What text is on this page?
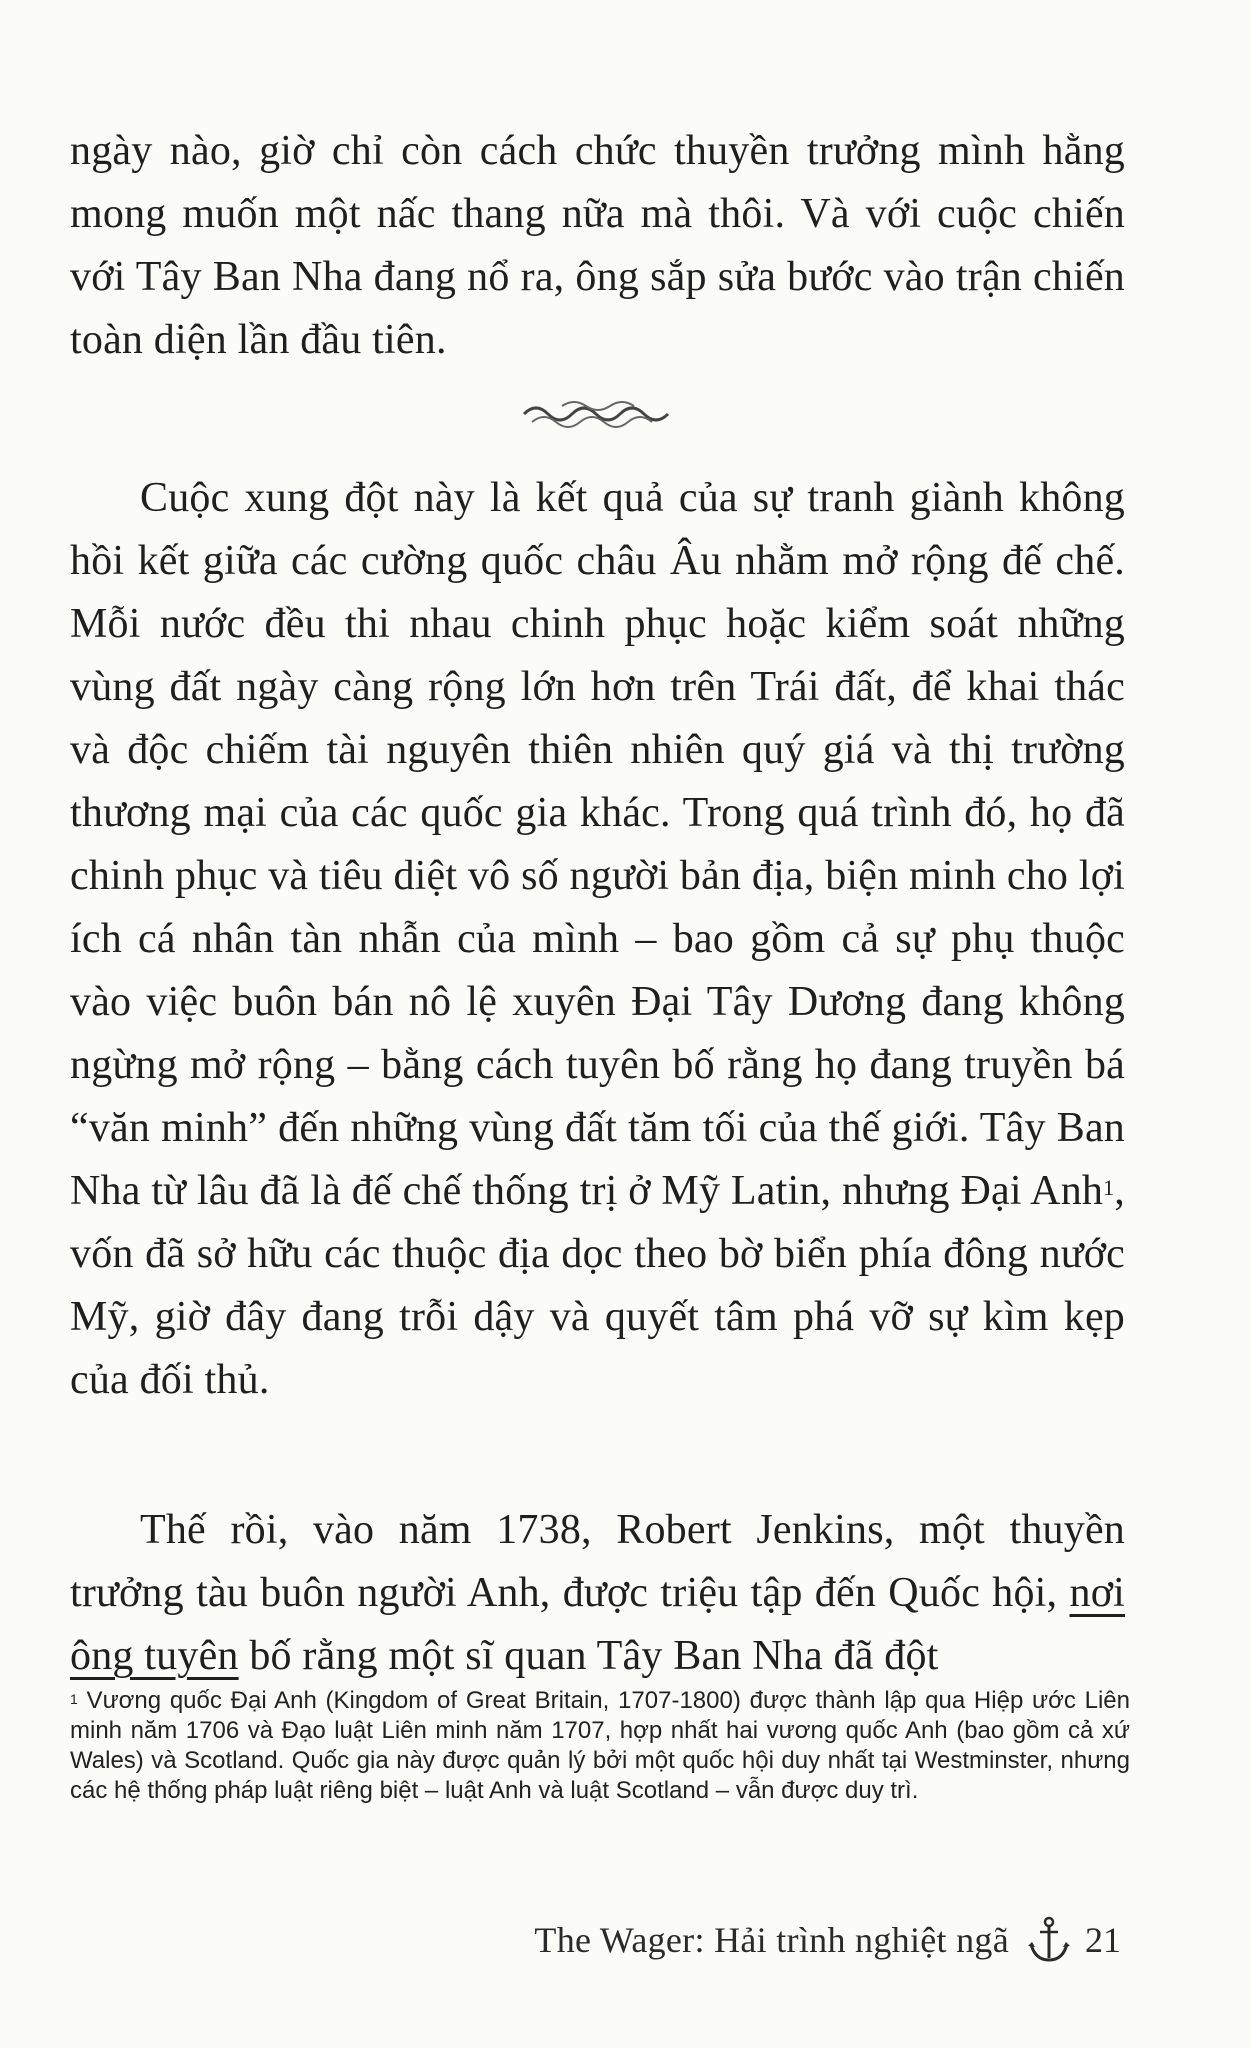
ngày nào, giờ chỉ còn cách chức thuyền trưởng mình hằng mong muốn một nấc thang nữa mà thôi. Và với cuộc chiến với Tây Ban Nha đang nổ ra, ông sắp sửa bước vào trận chiến toàn diện lần đầu tiên.

Cuộc xung đột này là kết quả của sự tranh giành không hồi kết giữa các cường quốc châu Âu nhằm mở rộng đế chế. Mỗi nước đều thi nhau chinh phục hoặc kiểm soát những vùng đất ngày càng rộng lớn hơn trên Trái đất, để khai thác và độc chiếm tài nguyên thiên nhiên quý giá và thị trường thương mại của các quốc gia khác. Trong quá trình đó, họ đã chinh phục và tiêu diệt vô số người bản địa, biện minh cho lợi ích cá nhân tàn nhẫn của mình – bao gồm cả sự phụ thuộc vào việc buôn bán nô lệ xuyên Đại Tây Dương đang không ngừng mở rộng – bằng cách tuyên bố rằng họ đang truyền bá “văn minh” đến những vùng đất tăm tối của thế giới. Tây Ban Nha từ lâu đã là đế chế thống trị ở Mỹ Latin, nhưng Đại Anh$^1$, vốn đã sở hữu các thuộc địa dọc theo bờ biển phía đông nước Mỹ, giờ đây đang trỗi dậy và quyết tâm phá vỡ sự kìm kẹp của đối thủ.

Thế rồi, vào năm 1738, Robert Jenkins, một thuyền trưởng tàu buôn người Anh, được triệu tập đến Quốc hội, nơi ông tuyên bố rằng một sĩ quan Tây Ban Nha đã đột

$^1$ Vương quốc Đại Anh (Kingdom of Great Britain, 1707-1800) được thành lập qua Hiệp ước Liên minh năm 1706 và Đạo luật Liên minh năm 1707, hợp nhất hai vương quốc Anh (bao gồm cả xứ Wales) và Scotland. Quốc gia này được quản lý bởi một quốc hội duy nhất tại Westminster, nhưng các hệ thống pháp luật riêng biệt – luật Anh và luật Scotland – vẫn được duy trì.
The Wager: Hải trình nghiệt ngã 21
